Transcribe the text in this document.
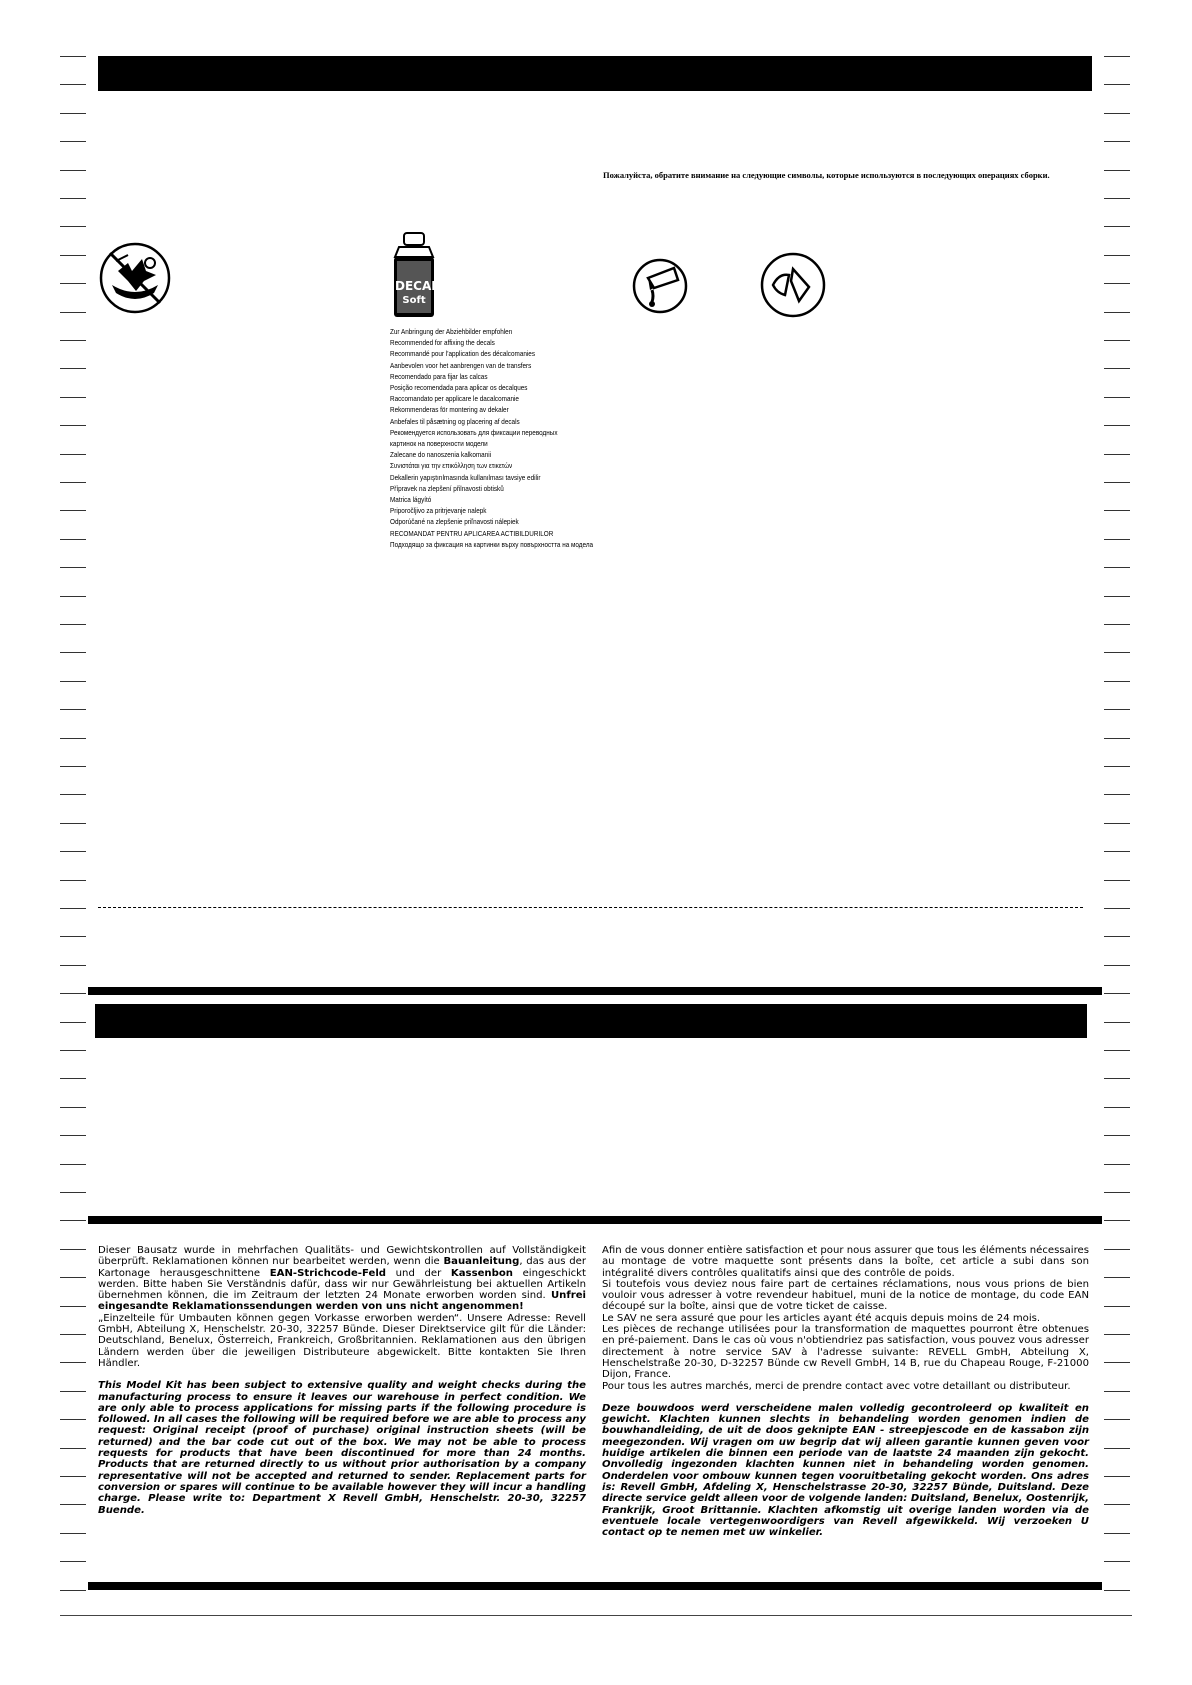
Пожалуйста, обратите внимание на следующие символы, которые используются в последующих операциях сборки.
DECAL
Soft
Zur Anbringung der Abziehbilder empfohlen
Recommended for affixing the decals
Recommandé pour l'application des décalcomanies
Aanbevolen voor het aanbrengen van de transfers
Recomendado para fijar las calcas
Posição recomendada para aplicar os decalques
Raccomandato per applicare le dacalcomanie
Rekommenderas för montering av dekaler
Anbefales til påsætning og placering af decals
Рекомендуется использовать для фиксации переводных
картинок на поверхности модели
Zalecane do nanoszenia kalkomanii
Συνιστάται για την επικόλληση των ετικετών
Dekallerin yapıştırılmasında kullanılması tavsiye edilir
Přípravek na zlepšení přilnavosti obtisků
Matrica lágyító
Priporočljivo za pritrjevanje nalepk
Odporúčané na zlepšenie priľnavosti nálepiek
RECOMANDAT PENTRU APLICAREA ACTIBILDURILOR
Подходящо за фиксация на картинки върху повърхността на модела

Dieser Bausatz wurde in mehrfachen Qualitäts- und Gewichtskontrollen auf Vollständigkeit überprüft. Reklamationen können nur bearbeitet werden, wenn die Bauanleitung, das aus der Kartonage herausgeschnittene EAN-Strichcode-Feld und der Kassenbon eingeschickt werden. Bitte haben Sie Verständnis dafür, dass wir nur Gewährleistung bei aktuellen Artikeln übernehmen können, die im Zeitraum der letzten 24 Monate erworben worden sind. Unfrei eingesandte Reklamationssendungen werden von uns nicht angenommen!

„Einzelteile für Umbauten können gegen Vorkasse erworben werden“. Unsere Adresse: Revell GmbH, Abteilung X, Henschelstr. 20-30, 32257 Bünde. Dieser Direktservice gilt für die Länder: Deutschland, Benelux, Österreich, Frankreich, Großbritannien. Reklamationen aus den übrigen Ländern werden über die jeweiligen Distributeure abgewickelt. Bitte kontakten Sie Ihren Händler.

This Model Kit has been subject to extensive quality and weight checks during the manufacturing process to ensure it leaves our warehouse in perfect condition. We are only able to process applications for missing parts if the following procedure is followed. In all cases the following will be required before we are able to process any request: Original receipt (proof of purchase) original instruction sheets (will be returned) and the bar code cut out of the box. We may not be able to process requests for products that have been discontinued for more than 24 months. Products that are returned directly to us without prior authorisation by a company representative will not be accepted and returned to sender. Replacement parts for conversion or spares will continue to be available however they will incur a handling charge. Please write to: Department X Revell GmbH, Henschelstr. 20-30, 32257 Buende.

Afin de vous donner entière satisfaction et pour nous assurer que tous les éléments nécessaires au montage de votre maquette sont présents dans la boîte, cet article a subi dans son intégralité divers contrôles qualitatifs ainsi que des contrôle de poids.

Si toutefois vous deviez nous faire part de certaines réclamations, nous vous prions de bien vouloir vous adresser à votre revendeur habituel, muni de la notice de montage, du code EAN découpé sur la boîte, ainsi que de votre ticket de caisse.

Le SAV ne sera assuré que pour les articles ayant été acquis depuis moins de 24 mois.

Les pièces de rechange utilisées pour la transformation de maquettes pourront être obtenues en pré-paiement. Dans le cas où vous n'obtiendriez pas satisfaction, vous pouvez vous adresser directement à notre service SAV à l'adresse suivante: REVELL GmbH, Abteilung X, Henschelstraße 20-30, D-32257 Bünde cw Revell GmbH, 14 B, rue du Chapeau Rouge, F-21000 Dijon, France.

Pour tous les autres marchés, merci de prendre contact avec votre detaillant ou distributeur.

Deze bouwdoos werd verscheidene malen volledig gecontroleerd op kwaliteit en gewicht. Klachten kunnen slechts in behandeling worden genomen indien de bouwhandleiding, de uit de doos geknipte EAN - streepjescode en de kassabon zijn meegezonden. Wij vragen om uw begrip dat wij alleen garantie kunnen geven voor huidige artikelen die binnen een periode van de laatste 24 maanden zijn gekocht. Onvolledig ingezonden klachten kunnen niet in behandeling worden genomen. Onderdelen voor ombouw kunnen tegen vooruitbetaling gekocht worden. Ons adres is: Revell GmbH, Afdeling X, Henschelstrasse 20-30, 32257 Bünde, Duitsland. Deze directe service geldt alleen voor de volgende landen: Duitsland, Benelux, Oostenrijk, Frankrijk, Groot Brittannie. Klachten afkomstig uit overige landen worden via de eventuele locale vertegenwoordigers van Revell afgewikkeld. Wij verzoeken U contact op te nemen met uw winkelier.
